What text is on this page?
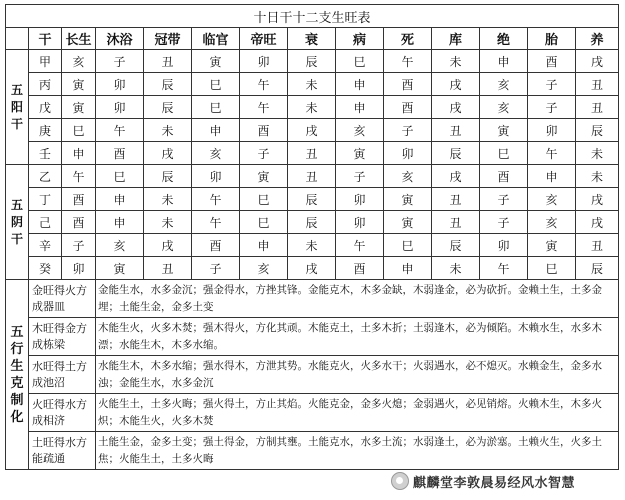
十日干十二支生旺表													
	干	长生	沐浴	冠带	临官	帝旺	衰	病	死	库	绝	胎	养
五阳干	甲	亥	子	丑	寅	卯	辰	巳	午	未	申	酉	戌
	丙	寅	卯	辰	巳	午	未	申	酉	戌	亥	子	丑
	戊	寅	卯	辰	巳	午	未	申	酉	戌	亥	子	丑
	庚	巳	午	未	申	酉	戌	亥	子	丑	寅	卯	辰
	壬	申	酉	戌	亥	子	丑	寅	卯	辰	巳	午	未
五阴干	乙	午	巳	辰	卯	寅	丑	子	亥	戌	酉	申	未
	丁	酉	申	未	午	巳	辰	卯	寅	丑	子	亥	戌
	己	酉	申	未	午	巳	辰	卯	寅	丑	子	亥	戌
	辛	子	亥	戌	酉	申	未	午	巳	辰	卯	寅	丑
	癸	卯	寅	丑	子	亥	戌	酉	申	未	午	巳	辰
五行生克制化	金旺得火方成器皿		金能生水，水多金沉；强金得水，方挫其锋。金能克木，木多金缺，木弱逢金，必为砍折。金赖土生，土多金埋；土能生金，金多土变										
	木旺得金方成栋梁		木能生火，火多木焚；强木得火，方化其顽。木能克土，土多木折；土弱逢木，必为倾陷。木赖水生，水多木漂；水能生木，木多水缩。										
	水旺得土方成池沼		水能生木，木多水缩；强水得木，方泄其势。水能克火，火多水干；火弱遇水，必不熄灭。水赖金生，金多水浊；金能生水，水多金沉										
	火旺得水方成相济		火能生土，土多火晦；强火得土，方止其焰。火能克金，金多火熄；金弱遇火，必见销熔。火赖木生，木多火炽；木能生火，火多木焚										
	土旺得水方能疏通		土能生金，金多土变；强土得金，方制其壅。土能克水，水多土流；水弱逢土，必为淤塞。土赖火生，火多土焦；火能生土，土多火晦										
麒麟堂李敦晨易经风水智慧
